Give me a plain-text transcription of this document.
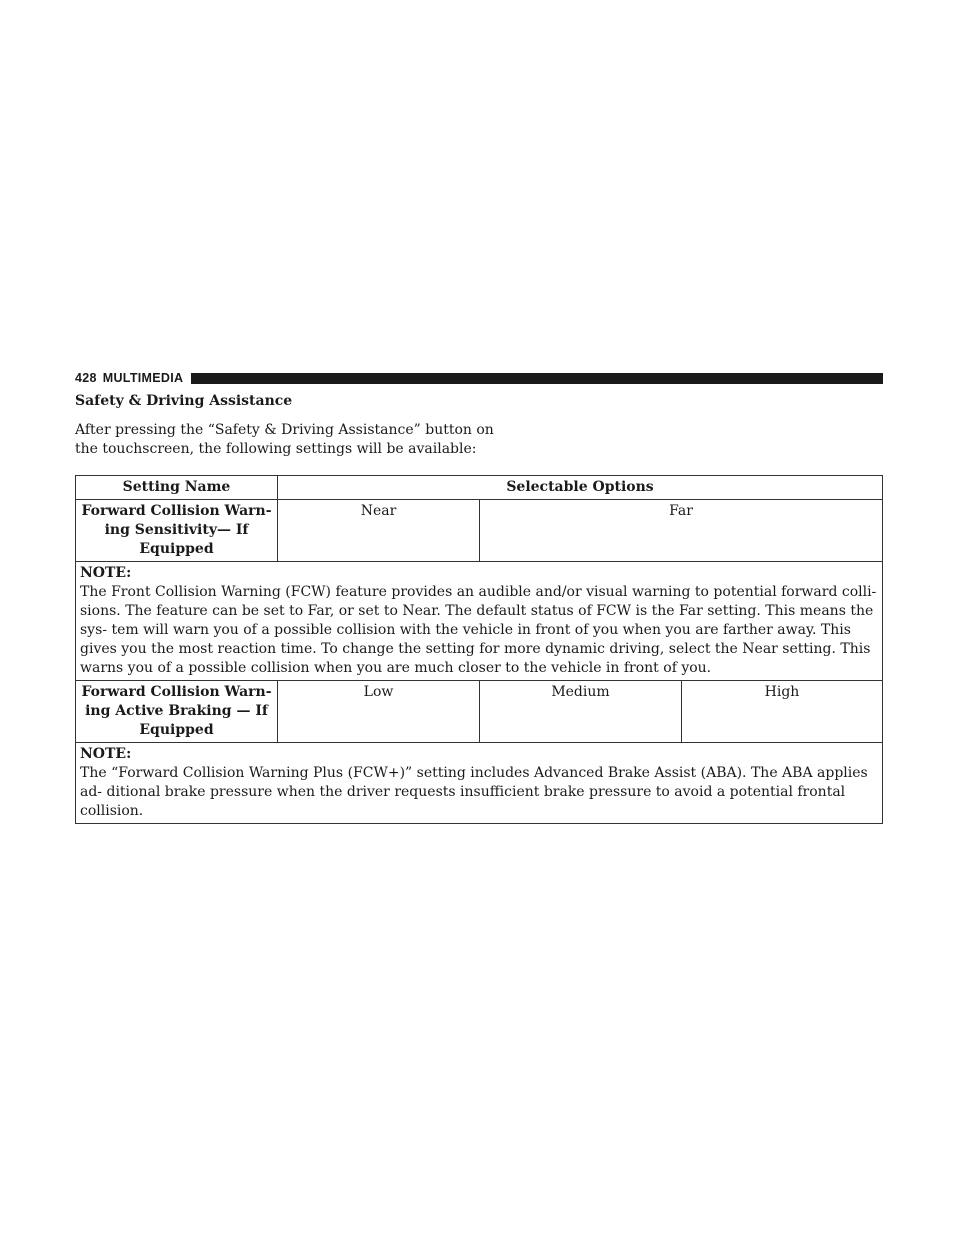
428 MULTIMEDIA
Safety & Driving Assistance

After pressing the “Safety & Driving Assistance” button on the touchscreen, the following settings will be available:

Setting Name	Selectable Options		
Forward Collision Warn- ing Sensitivity— If Equipped	Near	Far	

NOTE:
The Front Collision Warning (FCW) feature provides an audible and/or visual warning to potential forward colli- sions. The feature can be set to Far, or set to Near. The default status of FCW is the Far setting. This means the sys- tem will warn you of a possible collision with the vehicle in front of you when you are farther away. This gives you the most reaction time. To change the setting for more dynamic driving, select the Near setting. This warns you of a possible collision when you are much closer to the vehicle in front of you.			
Forward Collision Warn- ing Active Braking — If Equipped	Low	Medium	High

NOTE:
The “Forward Collision Warning Plus (FCW+)” setting includes Advanced Brake Assist (ABA). The ABA applies ad- ditional brake pressure when the driver requests insufficient brake pressure to avoid a potential frontal collision.			
